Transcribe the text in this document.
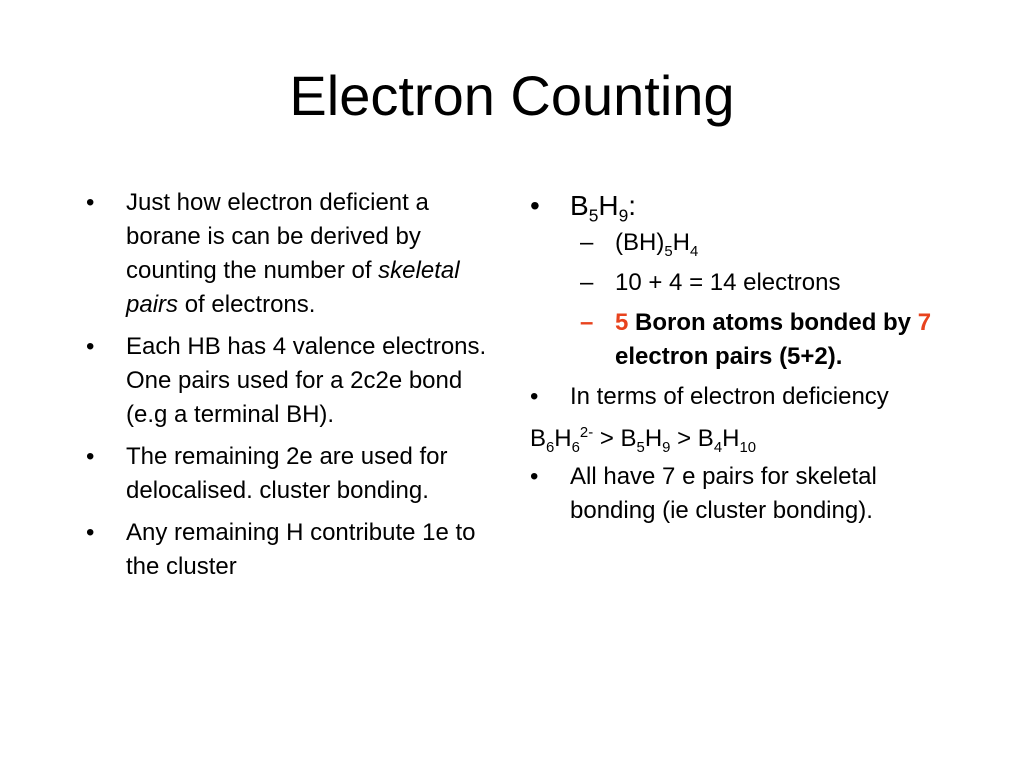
Electron Counting
• Just how electron deficient a borane is can be derived by counting the number of skeletal pairs of electrons.
• Each HB has 4 valence electrons. One pairs used for a 2c2e bond (e.g a terminal BH).
• The remaining 2e are used for delocalised. cluster bonding.
• Any remaining H contribute 1e to the cluster
• $B_5H_9$:
– $(BH)_5H_4$
– 10 + 4 = 14 electrons
– 5 Boron atoms bonded by 7 electron pairs (5+2).
• In terms of electron deficiency
$B_6H_6^{2-} > B_5H_9 > B_4H_{10}$
• All have 7 e pairs for skeletal bonding (ie cluster bonding).
